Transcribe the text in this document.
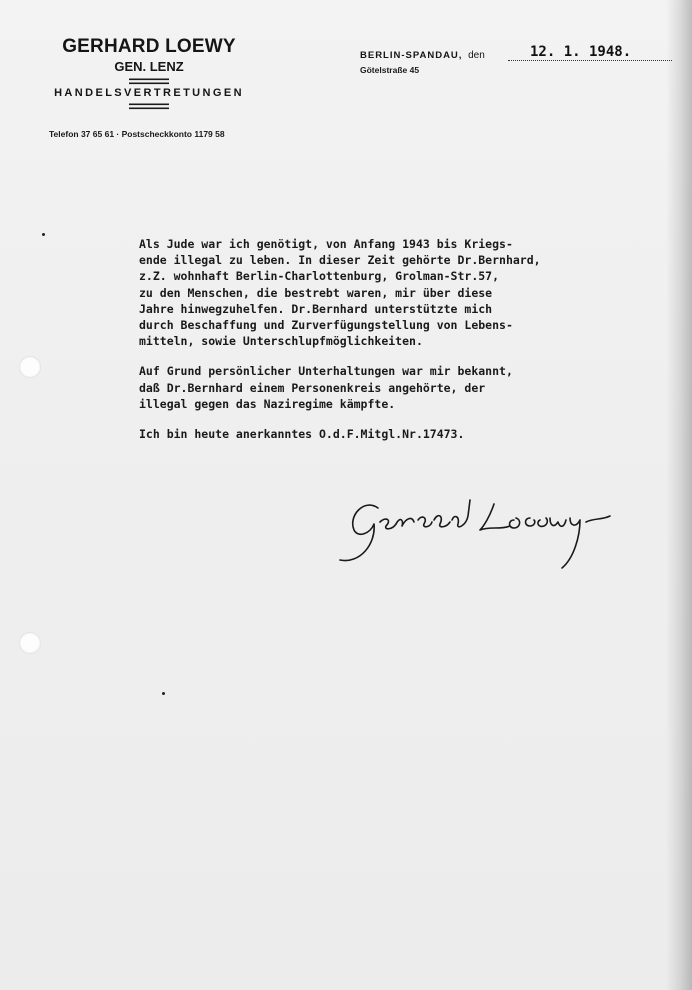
GERHARD LOEWY
GEN. LENZ
HANDELSVERTRETUNGEN
Telefon 37 65 61 · Postscheckkonto 1179 58
BERLIN-SPANDAU, den	12. 1. 1948.
Götelstraße 45

Als Jude war ich genötigt, von Anfang 1943 bis Kriegs-
ende illegal zu leben. In dieser Zeit gehörte Dr.Bernhard,
z.Z. wohnhaft Berlin-Charlottenburg, Grolman-Str.57,
zu den Menschen, die bestrebt waren, mir über diese
Jahre hinwegzuhelfen. Dr.Bernhard unterstützte mich
durch Beschaffung und Zurverfügungstellung von Lebens-
mitteln, sowie Unterschlupfmöglichkeiten.

Auf Grund persönlicher Unterhaltungen war mir bekannt,
daß Dr.Bernhard einem Personenkreis angehörte, der
illegal gegen das Naziregime kämpfte.

Ich bin heute anerkanntes O.d.F.Mitgl.Nr.17473.
